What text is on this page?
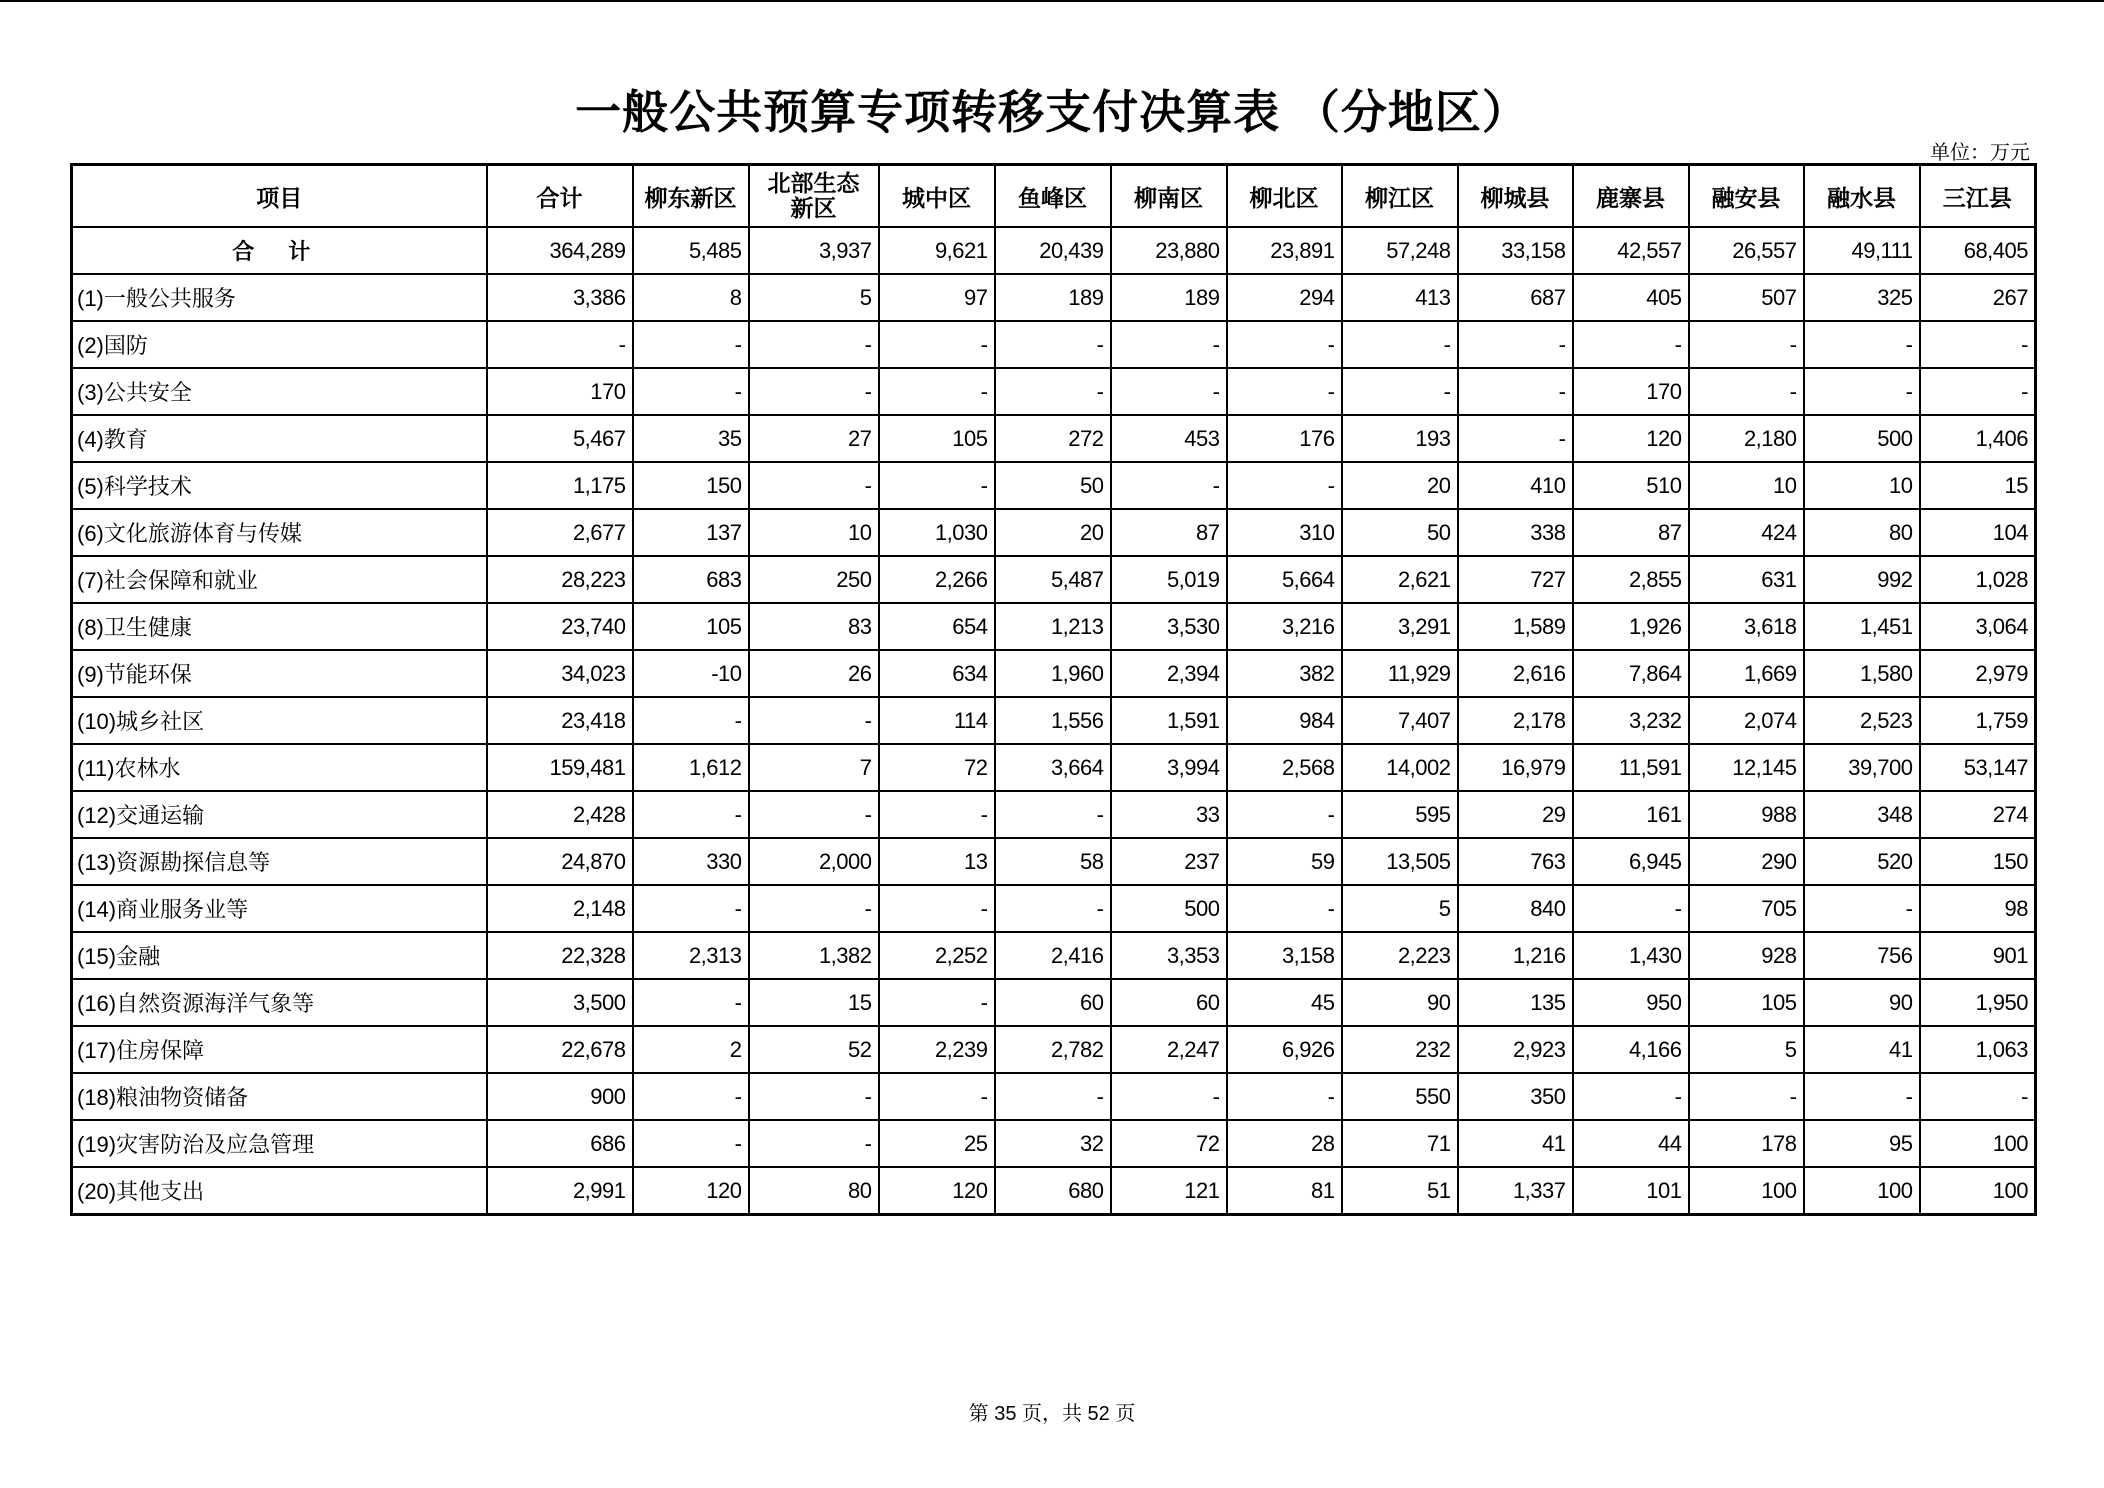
一般公共预算专项转移支付决算表 （分地区）
单位：万元
项目	合计	柳东新区	北部生态
新区	城中区	鱼峰区	柳南区	柳北区	柳江区	柳城县	鹿寨县	融安县	融水县	三江县
合 计	364,289	5,485	3,937	9,621	20,439	23,880	23,891	57,248	33,158	42,557	26,557	49,111	68,405
(1)一般公共服务	3,386	8	5	97	189	189	294	413	687	405	507	325	267
(2)国防	-	-	-	-	-	-	-	-	-	-	-	-	-
(3)公共安全	170	-	-	-	-	-	-	-	-	170	-	-	-
(4)教育	5,467	35	27	105	272	453	176	193	-	120	2,180	500	1,406
(5)科学技术	1,175	150	-	-	50	-	-	20	410	510	10	10	15
(6)文化旅游体育与传媒	2,677	137	10	1,030	20	87	310	50	338	87	424	80	104
(7)社会保障和就业	28,223	683	250	2,266	5,487	5,019	5,664	2,621	727	2,855	631	992	1,028
(8)卫生健康	23,740	105	83	654	1,213	3,530	3,216	3,291	1,589	1,926	3,618	1,451	3,064
(9)节能环保	34,023	-10	26	634	1,960	2,394	382	11,929	2,616	7,864	1,669	1,580	2,979
(10)城乡社区	23,418	-	-	114	1,556	1,591	984	7,407	2,178	3,232	2,074	2,523	1,759
(11)农林水	159,481	1,612	7	72	3,664	3,994	2,568	14,002	16,979	11,591	12,145	39,700	53,147
(12)交通运输	2,428	-	-	-	-	33	-	595	29	161	988	348	274
(13)资源勘探信息等	24,870	330	2,000	13	58	237	59	13,505	763	6,945	290	520	150
(14)商业服务业等	2,148	-	-	-	-	500	-	5	840	-	705	-	98
(15)金融	22,328	2,313	1,382	2,252	2,416	3,353	3,158	2,223	1,216	1,430	928	756	901
(16)自然资源海洋气象等	3,500	-	15	-	60	60	45	90	135	950	105	90	1,950
(17)住房保障	22,678	2	52	2,239	2,782	2,247	6,926	232	2,923	4,166	5	41	1,063
(18)粮油物资储备	900	-	-	-	-	-	-	550	350	-	-	-	-
(19)灾害防治及应急管理	686	-	-	25	32	72	28	71	41	44	178	95	100
(20)其他支出	2,991	120	80	120	680	121	81	51	1,337	101	100	100	100
第 35 页，共 52 页
